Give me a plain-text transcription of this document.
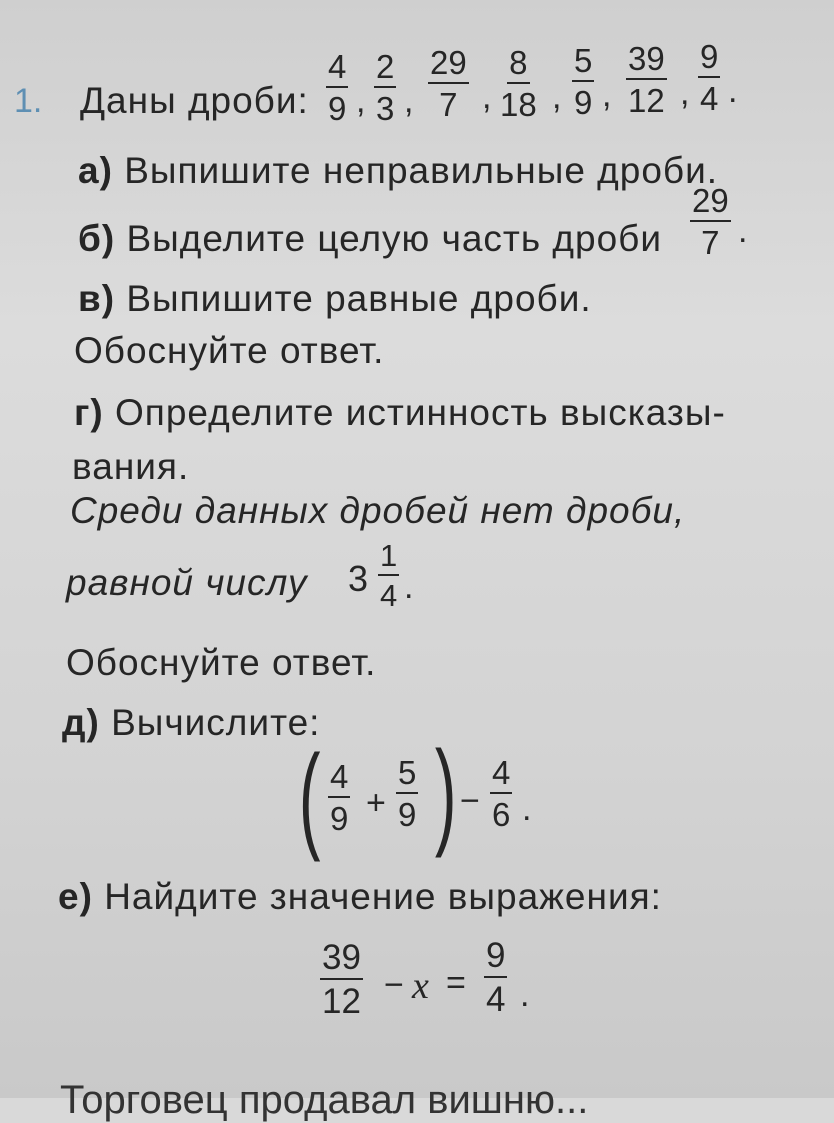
1. Даны дроби: $\frac{4}{9}$ , $\frac{2}{3}$ , $\frac{29}{7}$ , $\frac{8}{18}$ , $\frac{5}{9}$ , $\frac{39}{12}$ , $\frac{9}{4}$ .
а) Выпишите неправильные дроби.
б) Выделите целую часть дроби $\frac{29}{7}$ .
в) Выпишите равные дроби.
Обоснуйте ответ.
г) Определите истинность высказы-
вания.
Среди данных дробей нет дроби,
равной числу $3 \frac{1}{4}$ .
Обоснуйте ответ.
д) Вычислите:
( $\frac{4}{9} + \frac{5}{9}$ ) − $\frac{4}{6}$ .
е) Найдите значение выражения:
$\frac{39}{12} - x = \frac{9}{4}$ .
Торговец продавал вишню...
